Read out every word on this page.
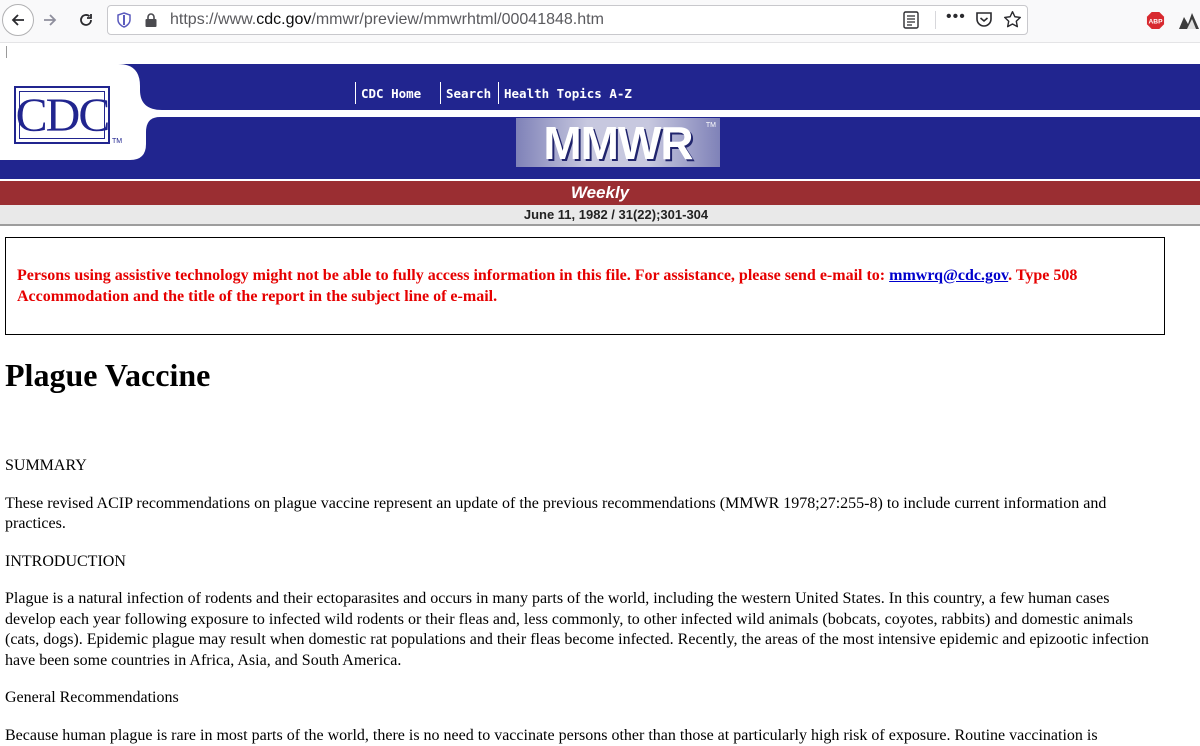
https://www.cdc.gov/mmwr/preview/mmwrhtml/00041848.htm	•••	ABP
CDC TM
CDC Home	Search	Health Topics A-Z
MMWR TM
Weekly
June 11, 1982 / 31(22);301-304
Persons using assistive technology might not be able to fully access information in this file. For assistance, please send e-mail to: mmwrq@cdc.gov. Type 508 Accommodation and the title of the report in the subject line of e-mail.
Plague Vaccine

SUMMARY

These revised ACIP recommendations on plague vaccine represent an update of the previous recommendations (MMWR 1978;27:255-8) to include current information and practices.

INTRODUCTION

Plague is a natural infection of rodents and their ectoparasites and occurs in many parts of the world, including the western United States. In this country, a few human cases develop each year following exposure to infected wild rodents or their fleas and, less commonly, to other infected wild animals (bobcats, coyotes, rabbits) and domestic animals (cats, dogs). Epidemic plague may result when domestic rat populations and their fleas become infected. Recently, the areas of the most intensive epidemic and epizootic infection have been some countries in Africa, Asia, and South America.

General Recommendations

Because human plague is rare in most parts of the world, there is no need to vaccinate persons other than those at particularly high risk of exposure. Routine vaccination is
